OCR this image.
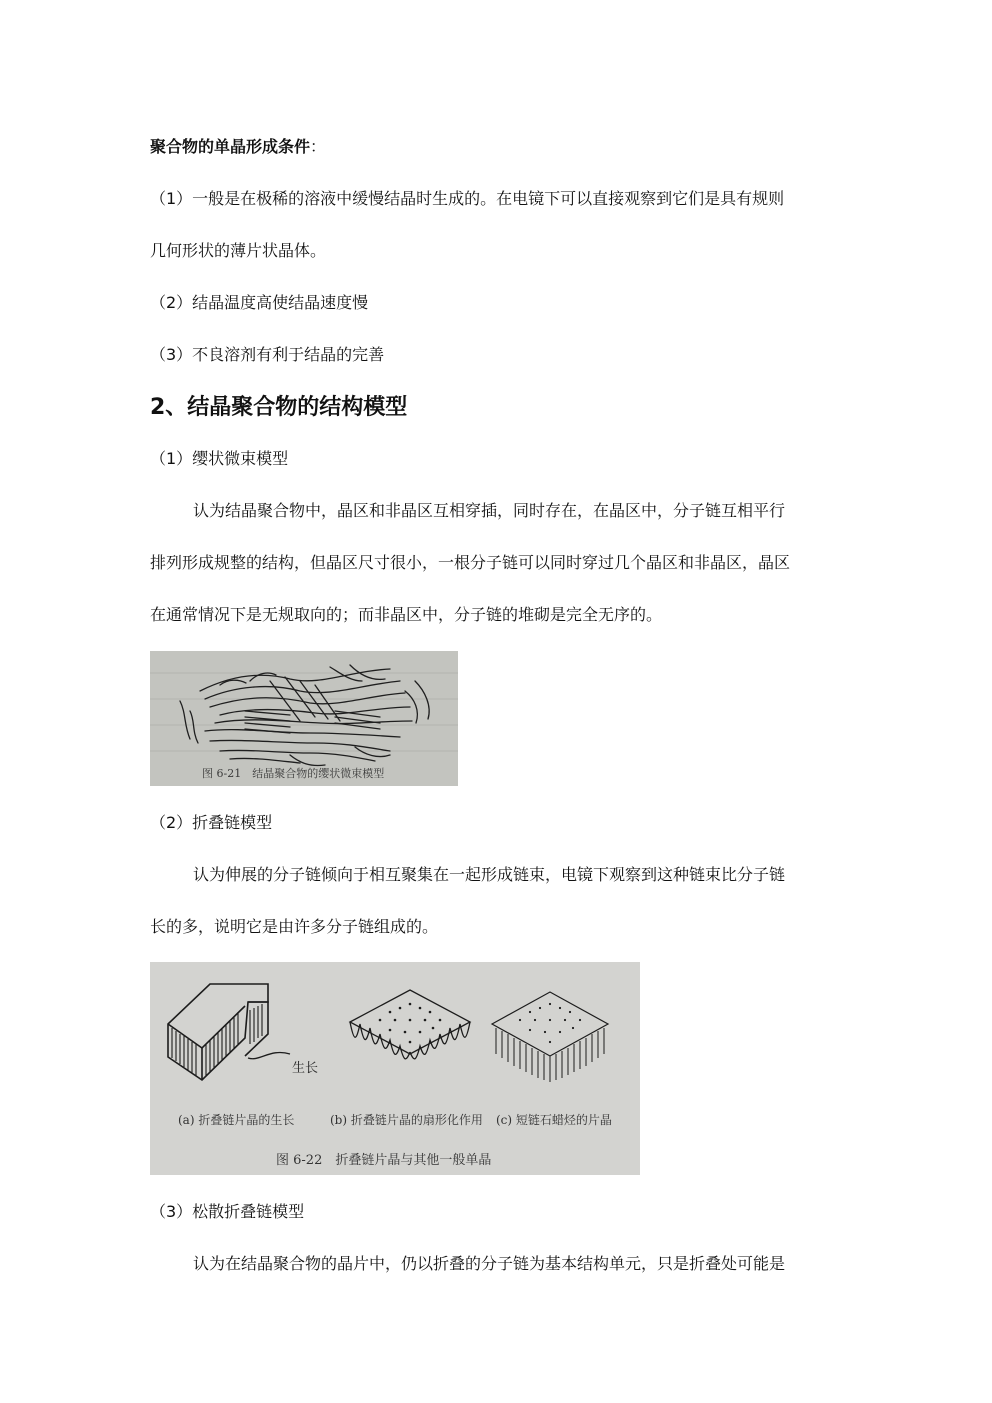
聚合物的单晶形成条件：
（1）一般是在极稀的溶液中缓慢结晶时生成的。在电镜下可以直接观察到它们是具有规则
几何形状的薄片状晶体。
（2）结晶温度高使结晶速度慢
（3）不良溶剂有利于结晶的完善
2、结晶聚合物的结构模型
（1）缨状微束模型
认为结晶聚合物中，晶区和非晶区互相穿插，同时存在，在晶区中，分子链互相平行
排列形成规整的结构，但晶区尺寸很小，一根分子链可以同时穿过几个晶区和非晶区，晶区
在通常情况下是无规取向的；而非晶区中，分子链的堆砌是完全无序的。
图 6-21　结晶聚合物的缨状微束模型
（2）折叠链模型
认为伸展的分子链倾向于相互聚集在一起形成链束，电镜下观察到这种链束比分子链
长的多，说明它是由许多分子链组成的。
生长
(a) 折叠链片晶的生长	(b) 折叠链片晶的扇形化作用 (c) 短链石蜡烃的片晶
图 6-22　折叠链片晶与其他一般单晶
（3）松散折叠链模型
认为在结晶聚合物的晶片中，仍以折叠的分子链为基本结构单元，只是折叠处可能是
